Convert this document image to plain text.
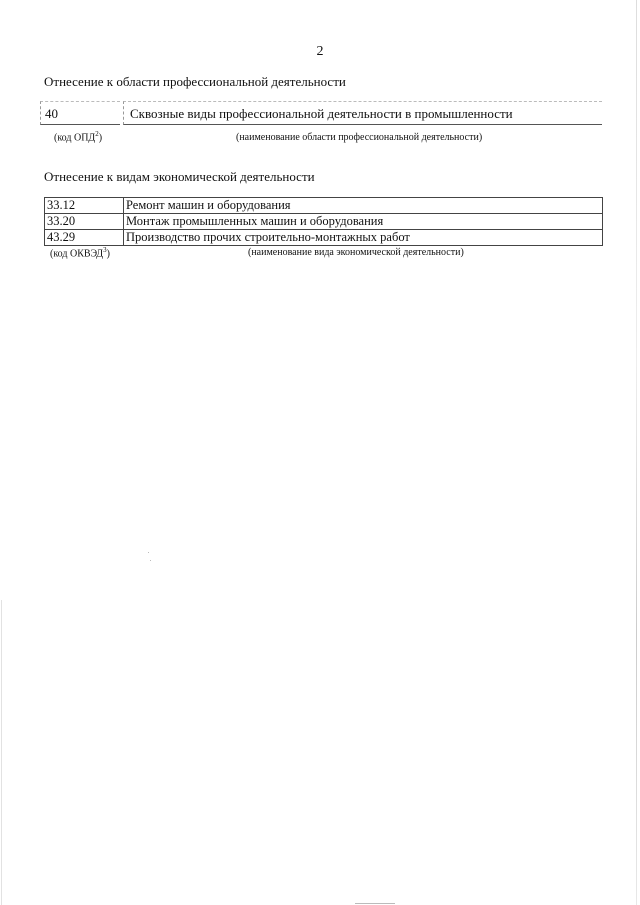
2
Отнесение к области профессиональной деятельности
40	Сквозные виды профессиональной деятельности в промышленности
(код ОПД$^2$)	(наименование области профессиональной деятельности)
Отнесение к видам экономической деятельности
33.12	Ремонт машин и оборудования
33.20	Монтаж промышленных машин и оборудования
43.29	Производство прочих строительно-монтажных работ
(код ОКВЭД$^3$)	(наименование вида экономической деятельности)
